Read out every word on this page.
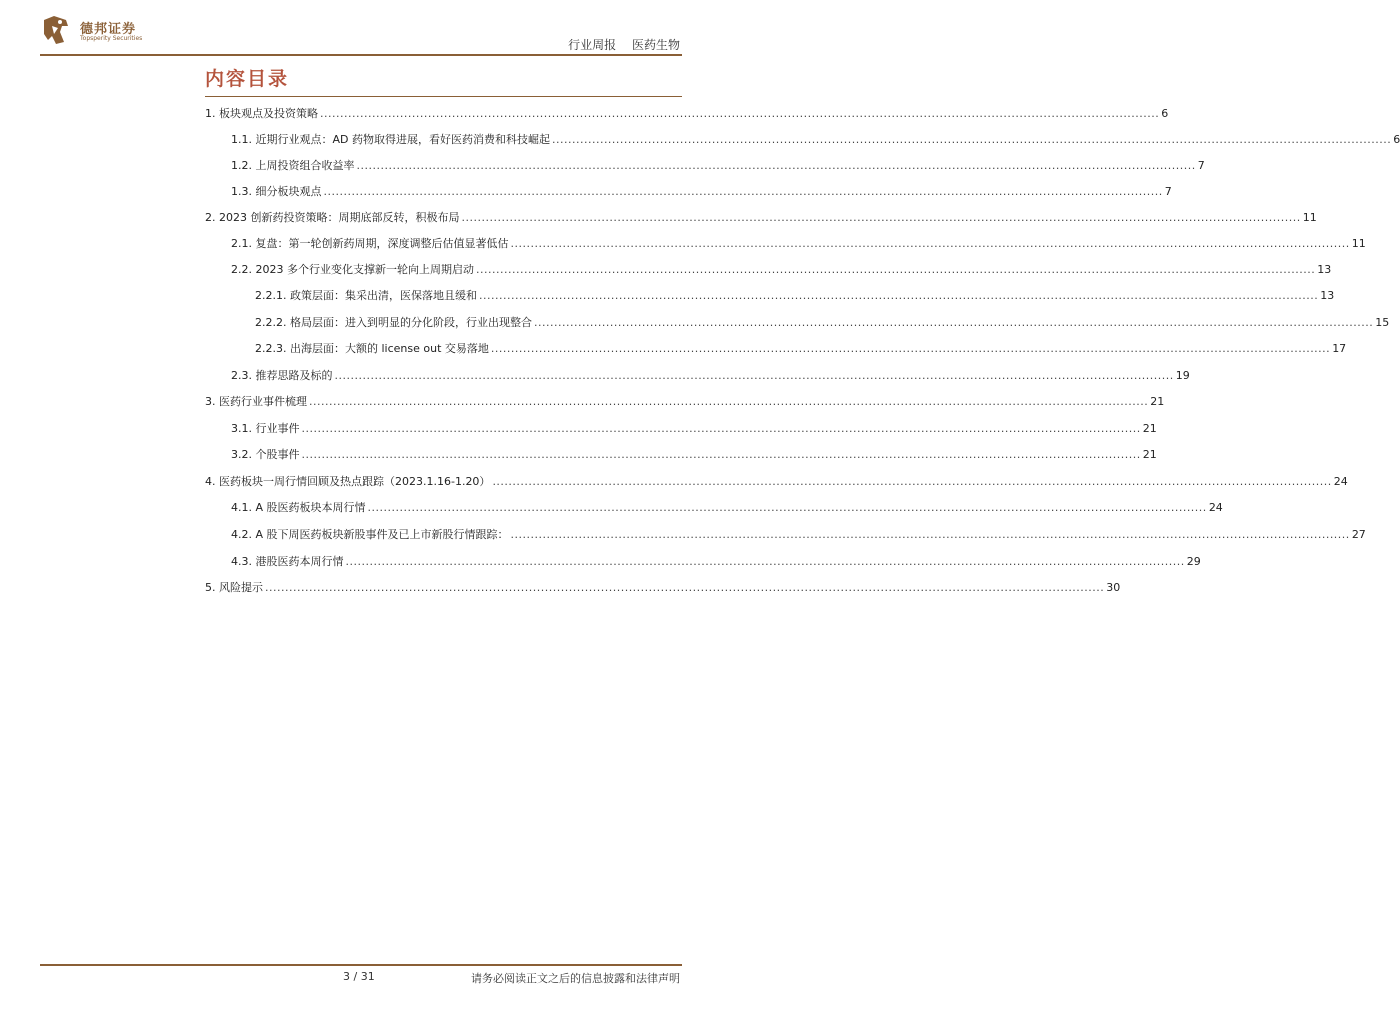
德邦证券
Topsperity Securities	行业周报 医药生物
内容目录
1. 板块观点及投资策略 .................................................................................................................................................................................................................. 6
1.1. 近期行业观点：AD 药物取得进展，看好医药消费和科技崛起 .................................................................................................................................................................................................................. 6
1.2. 上周投资组合收益率 .................................................................................................................................................................................................................. 7
1.3. 细分板块观点 .................................................................................................................................................................................................................. 7
2. 2023 创新药投资策略：周期底部反转，积极布局 .................................................................................................................................................................................................................. 11
2.1. 复盘：第一轮创新药周期，深度调整后估值显著低估 .................................................................................................................................................................................................................. 11
2.2. 2023 多个行业变化支撑新一轮向上周期启动 .................................................................................................................................................................................................................. 13
2.2.1. 政策层面：集采出清，医保落地且缓和 .................................................................................................................................................................................................................. 13
2.2.2. 格局层面：进入到明显的分化阶段，行业出现整合 .................................................................................................................................................................................................................. 15
2.2.3. 出海层面：大额的 license out 交易落地 .................................................................................................................................................................................................................. 17
2.3. 推荐思路及标的 .................................................................................................................................................................................................................. 19
3. 医药行业事件梳理 .................................................................................................................................................................................................................. 21
3.1. 行业事件 .................................................................................................................................................................................................................. 21
3.2. 个股事件 .................................................................................................................................................................................................................. 21
4. 医药板块一周行情回顾及热点跟踪（2023.1.16-1.20） .................................................................................................................................................................................................................. 24
4.1. A 股医药板块本周行情 .................................................................................................................................................................................................................. 24
4.2. A 股下周医药板块新股事件及已上市新股行情跟踪： .................................................................................................................................................................................................................. 27
4.3. 港股医药本周行情 .................................................................................................................................................................................................................. 29
5. 风险提示 .................................................................................................................................................................................................................. 30
3 / 31	请务必阅读正文之后的信息披露和法律声明
